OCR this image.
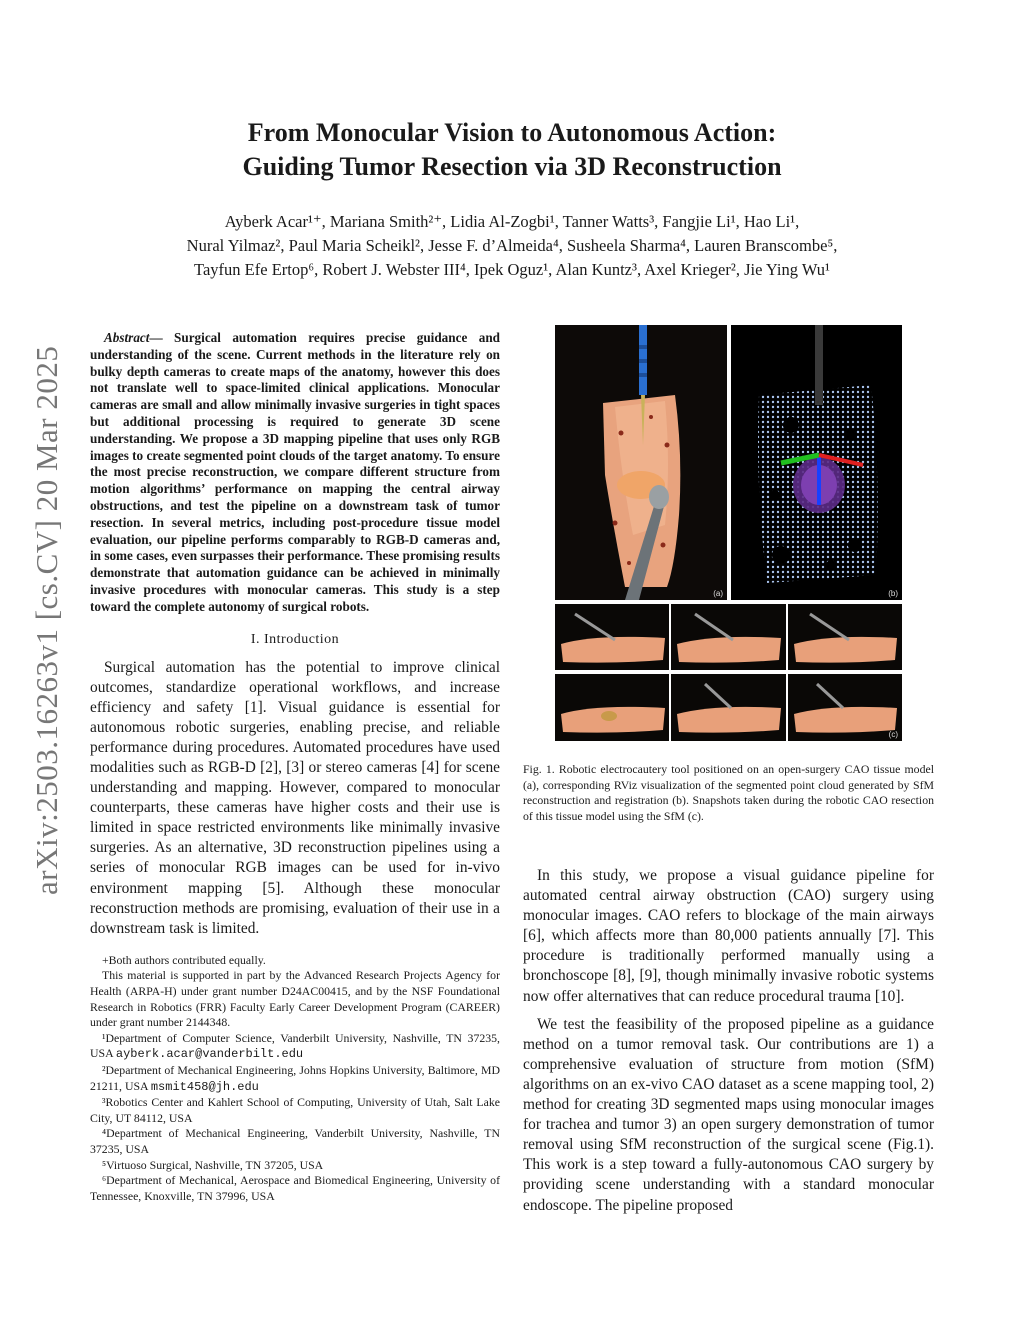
arXiv:2503.16263v1 [cs.CV] 20 Mar 2025
From Monocular Vision to Autonomous Action:
Guiding Tumor Resection via 3D Reconstruction
Ayberk Acar¹⁺, Mariana Smith²⁺, Lidia Al-Zogbi¹, Tanner Watts³, Fangjie Li¹, Hao Li¹,
Nural Yilmaz², Paul Maria Scheikl², Jesse F. d’Almeida⁴, Susheela Sharma⁴, Lauren Branscombe⁵,
Tayfun Efe Ertop⁶, Robert J. Webster III⁴, Ipek Oguz¹, Alan Kuntz³, Axel Krieger², Jie Ying Wu¹

Abstract— Surgical automation requires precise guidance and understanding of the scene. Current methods in the literature rely on bulky depth cameras to create maps of the anatomy, however this does not translate well to space-limited clinical applications. Monocular cameras are small and allow minimally invasive surgeries in tight spaces but additional processing is required to generate 3D scene understanding. We propose a 3D mapping pipeline that uses only RGB images to create segmented point clouds of the target anatomy. To ensure the most precise reconstruction, we compare different structure from motion algorithms’ performance on mapping the central airway obstructions, and test the pipeline on a downstream task of tumor resection. In several metrics, including post-procedure tissue model evaluation, our pipeline performs comparably to RGB-D cameras and, in some cases, even surpasses their performance. These promising results demonstrate that automation guidance can be achieved in minimally invasive procedures with monocular cameras. This study is a step toward the complete autonomy of surgical robots.

I. Introduction

Surgical automation has the potential to improve clinical outcomes, standardize operational workflows, and increase efficiency and safety [1]. Visual guidance is essential for autonomous robotic surgeries, enabling precise, and reliable performance during procedures. Automated procedures have used modalities such as RGB-D [2], [3] or stereo cameras [4] for scene understanding and mapping. However, compared to monocular counterparts, these cameras have higher costs and their use is limited in space restricted environments like minimally invasive surgeries. As an alternative, 3D reconstruction pipelines using a series of monocular RGB images can be used for in-vivo environment mapping [5]. Although these monocular reconstruction methods are promising, evaluation of their use in a downstream task is limited.

+Both authors contributed equally.

This material is supported in part by the Advanced Research Projects Agency for Health (ARPA-H) under grant number D24AC00415, and by the NSF Foundational Research in Robotics (FRR) Faculty Early Career Development Program (CAREER) under grant number 2144348.

¹Department of Computer Science, Vanderbilt University, Nashville, TN 37235, USA ayberk.acar@vanderbilt.edu

²Department of Mechanical Engineering, Johns Hopkins University, Baltimore, MD 21211, USA msmit458@jh.edu

³Robotics Center and Kahlert School of Computing, University of Utah, Salt Lake City, UT 84112, USA

⁴Department of Mechanical Engineering, Vanderbilt University, Nashville, TN 37235, USA

⁵Virtuoso Surgical, Nashville, TN 37205, USA

⁶Department of Mechanical, Aerospace and Biomedical Engineering, University of Tennessee, Knoxville, TN 37996, USA

(a)	(b)
(c)
Fig. 1. Robotic electrocautery tool positioned on an open-surgery CAO tissue model (a), corresponding RViz visualization of the segmented point cloud generated by SfM reconstruction and registration (b). Snapshots taken during the robotic CAO resection of this tissue model using the SfM (c).

In this study, we propose a visual guidance pipeline for automated central airway obstruction (CAO) surgery using monocular images. CAO refers to blockage of the main airways [6], which affects more than 80,000 patients annually [7]. This procedure is traditionally performed manually using a bronchoscope [8], [9], though minimally invasive robotic systems now offer alternatives that can reduce procedural trauma [10].

We test the feasibility of the proposed pipeline as a guidance method on a tumor removal task. Our contributions are 1) a comprehensive evaluation of structure from motion (SfM) algorithms on an ex-vivo CAO dataset as a scene mapping tool, 2) method for creating 3D segmented maps using monocular images for trachea and tumor 3) an open surgery demonstration of tumor removal using SfM reconstruction of the surgical scene (Fig.1). This work is a step toward a fully-autonomous CAO surgery by providing scene understanding with a standard monocular endoscope. The pipeline proposed
